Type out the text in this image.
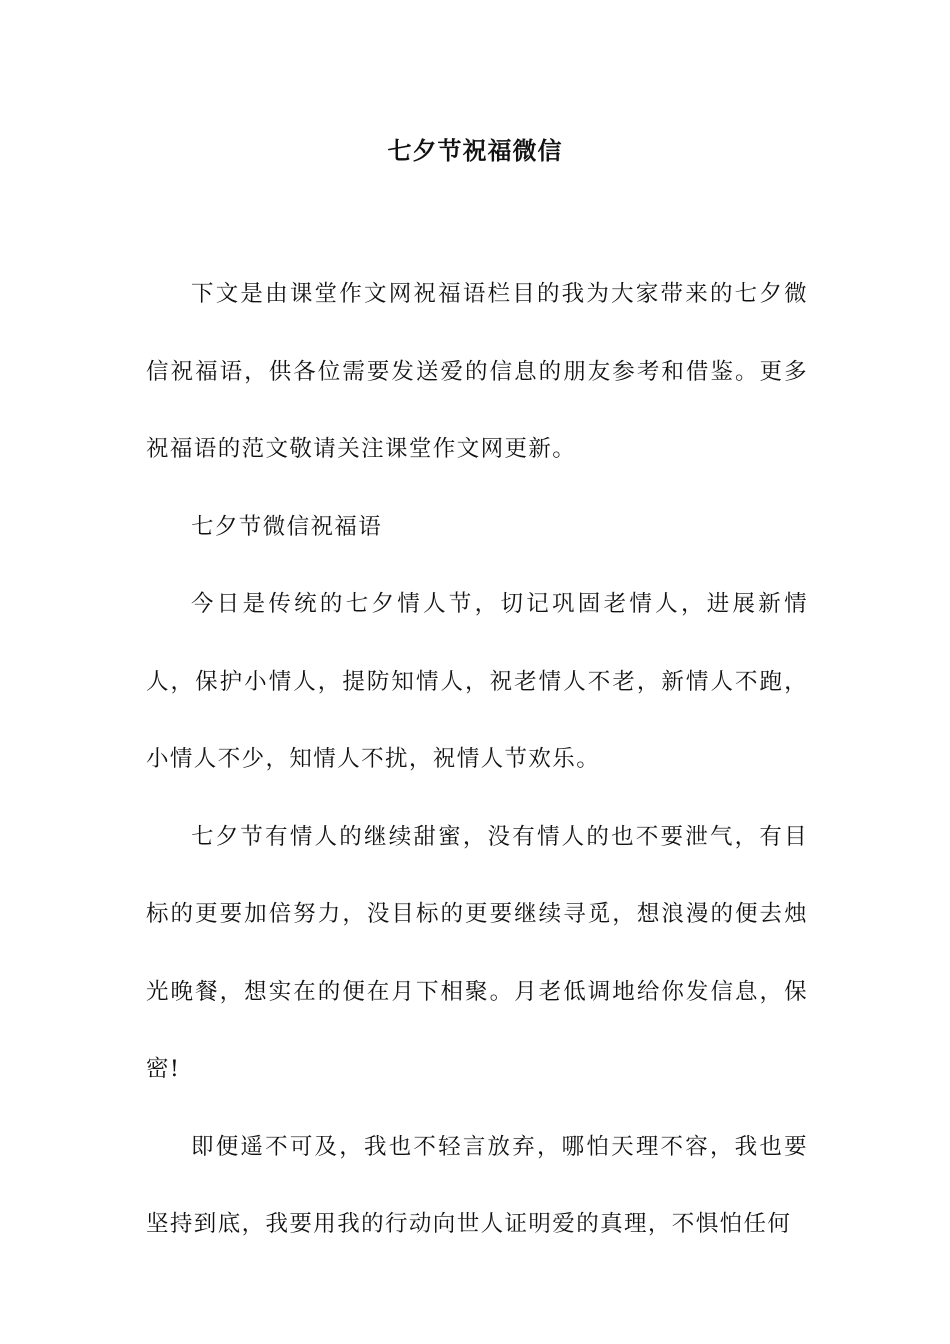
七夕节祝福微信

下文是由课堂作文网祝福语栏目的我为大家带来的七夕微信祝福语，供各位需要发送爱的信息的朋友参考和借鉴。更多祝福语的范文敬请关注课堂作文网更新。

七夕节微信祝福语

今日是传统的七夕情人节，切记巩固老情人，进展新情人，保护小情人，提防知情人，祝老情人不老，新情人不跑，小情人不少，知情人不扰，祝情人节欢乐。

七夕节有情人的继续甜蜜，没有情人的也不要泄气，有目标的更要加倍努力，没目标的更要继续寻觅，想浪漫的便去烛光晚餐，想实在的便在月下相聚。月老低调地给你发信息，保密!

即便遥不可及，我也不轻言放弃，哪怕天理不容，我也要坚持到底，我要用我的行动向世人证明爱的真理，不惧怕任何
